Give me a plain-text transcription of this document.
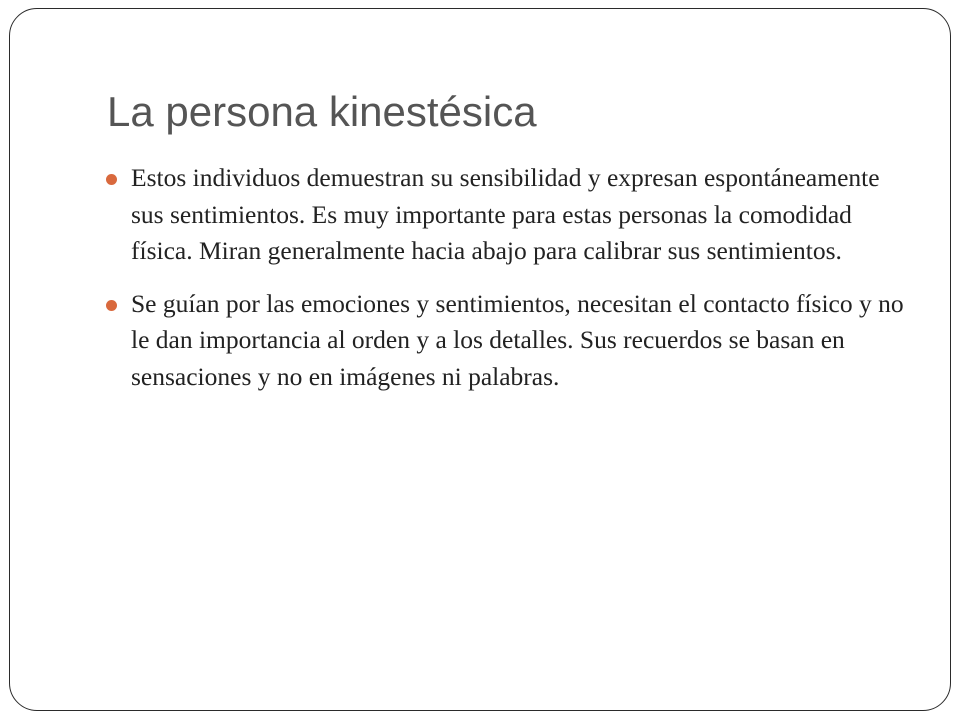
La persona kinestésica
Estos individuos demuestran su sensibilidad y expresan espontáneamente sus sentimientos. Es muy importante para estas personas la comodidad física. Miran generalmente hacia abajo para calibrar sus sentimientos.
Se guían por las emociones y sentimientos, necesitan el contacto físico y no le dan importancia al orden y a los detalles. Sus recuerdos se basan en sensaciones y no en imágenes ni palabras.
